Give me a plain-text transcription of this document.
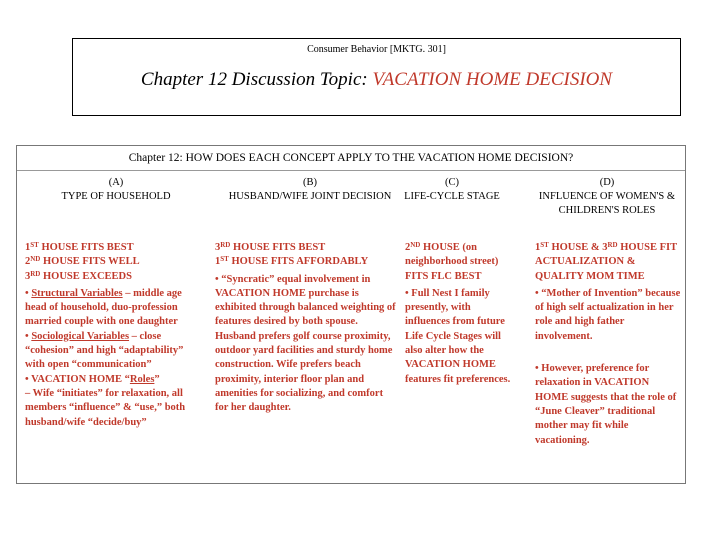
Consumer Behavior [MKTG. 301]
Chapter 12 Discussion Topic: VACATION HOME DECISION
Chapter 12: HOW DOES EACH CONCEPT APPLY TO THE VACATION HOME DECISION?
(A)
TYPE OF HOUSEHOLD
(B)
HUSBAND/WIFE JOINT DECISION
(C)
LIFE-CYCLE STAGE
(D)
INFLUENCE OF WOMEN'S & CHILDREN'S ROLES

1ST HOUSE FITS BEST

2ND HOUSE FITS WELL

3RD HOUSE EXCEEDS

• Structural Variables – middle age head of household, duo-profession married couple with one daughter

• Sociological Variables – close “cohesion” and high “adaptability” with open “communication”

• VACATION HOME “Roles”

– Wife “initiates” for relaxation, all members “influence” & “use,” both husband/wife “decide/buy”

3RD HOUSE FITS BEST

1ST HOUSE FITS AFFORDABLY

• “Syncratic” equal involvement in VACATION HOME purchase is exhibited through balanced weighting of features desired by both spouse. Husband prefers golf course proximity, outdoor yard facilities and sturdy home construction. Wife prefers beach proximity, interior floor plan and amenities for socializing, and comfort for her daughter.

2ND HOUSE (on neighborhood street) FITS FLC BEST

• Full Nest I family presently, with influences from future Life Cycle Stages will also alter how the VACATION HOME features fit preferences.

1ST HOUSE & 3RD HOUSE FIT ACTUALIZATION & QUALITY MOM TIME

• “Mother of Invention” because of high self actualization in her role and high father involvement.

• However, preference for relaxation in VACATION HOME suggests that the role of “June Cleaver” traditional mother may fit while vacationing.
